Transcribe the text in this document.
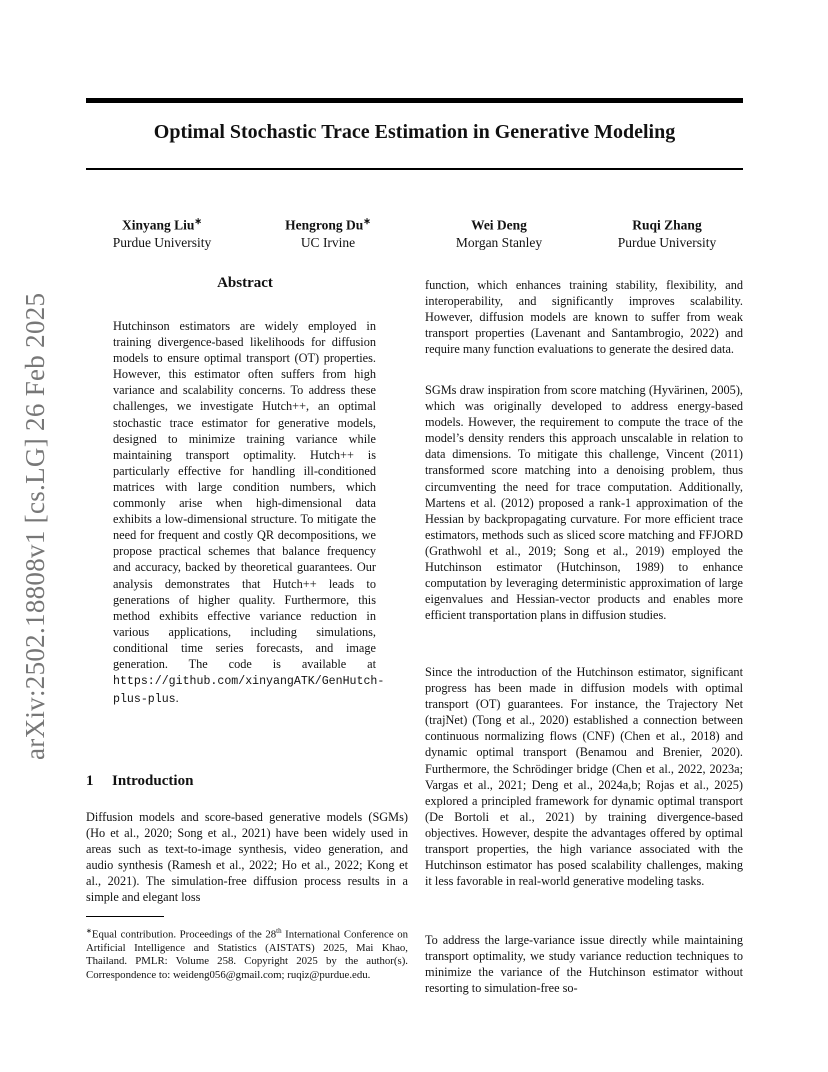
arXiv:2502.18808v1 [cs.LG] 26 Feb 2025
Optimal Stochastic Trace Estimation in Generative Modeling
Xinyang Liu∗
Purdue University
Hengrong Du∗
UC Irvine
Wei Deng
Morgan Stanley
Ruqi Zhang
Purdue University
Abstract

Hutchinson estimators are widely employed in training divergence-based likelihoods for diffusion models to ensure optimal transport (OT) properties. However, this estimator often suffers from high variance and scalability concerns. To address these challenges, we investigate Hutch++, an optimal stochastic trace estimator for generative models, designed to minimize training variance while maintaining transport optimality. Hutch++ is particularly effective for handling ill-conditioned matrices with large condition numbers, which commonly arise when high-dimensional data exhibits a low-dimensional structure. To mitigate the need for frequent and costly QR decompositions, we propose practical schemes that balance frequency and accuracy, backed by theoretical guarantees. Our analysis demonstrates that Hutch++ leads to generations of higher quality. Furthermore, this method exhibits effective variance reduction in various applications, including simulations, conditional time series forecasts, and image generation. The code is available at https://github.com/xinyangATK/GenHutch-plus-plus.

1 Introduction

Diffusion models and score-based generative models (SGMs) (Ho et al., 2020; Song et al., 2021) have been widely used in areas such as text-to-image synthesis, video generation, and audio synthesis (Ramesh et al., 2022; Ho et al., 2022; Kong et al., 2021). The simulation-free diffusion process results in a simple and elegant loss

∗Equal contribution. Proceedings of the 28th International Conference on Artificial Intelligence and Statistics (AISTATS) 2025, Mai Khao, Thailand. PMLR: Volume 258. Copyright 2025 by the author(s). Correspondence to: weideng056@gmail.com; ruqiz@purdue.edu.

function, which enhances training stability, flexibility, and interoperability, and significantly improves scalability. However, diffusion models are known to suffer from weak transport properties (Lavenant and Santambrogio, 2022) and require many function evaluations to generate the desired data.

SGMs draw inspiration from score matching (Hyvärinen, 2005), which was originally developed to address energy-based models. However, the requirement to compute the trace of the model’s density renders this approach unscalable in relation to data dimensions. To mitigate this challenge, Vincent (2011) transformed score matching into a denoising problem, thus circumventing the need for trace computation. Additionally, Martens et al. (2012) proposed a rank-1 approximation of the Hessian by backpropagating curvature. For more efficient trace estimators, methods such as sliced score matching and FFJORD (Grathwohl et al., 2019; Song et al., 2019) employed the Hutchinson estimator (Hutchinson, 1989) to enhance computation by leveraging deterministic approximation of large eigenvalues and Hessian-vector products and enables more efficient transportation plans in diffusion studies.

Since the introduction of the Hutchinson estimator, significant progress has been made in diffusion models with optimal transport (OT) guarantees. For instance, the Trajectory Net (trajNet) (Tong et al., 2020) established a connection between continuous normalizing flows (CNF) (Chen et al., 2018) and dynamic optimal transport (Benamou and Brenier, 2020). Furthermore, the Schrödinger bridge (Chen et al., 2022, 2023a; Vargas et al., 2021; Deng et al., 2024a,b; Rojas et al., 2025) explored a principled framework for dynamic optimal transport (De Bortoli et al., 2021) by training divergence-based objectives. However, despite the advantages offered by optimal transport properties, the high variance associated with the Hutchinson estimator has posed scalability challenges, making it less favorable in real-world generative modeling tasks.

To address the large-variance issue directly while maintaining transport optimality, we study variance reduction techniques to minimize the variance of the Hutchinson estimator without resorting to simulation-free so-
